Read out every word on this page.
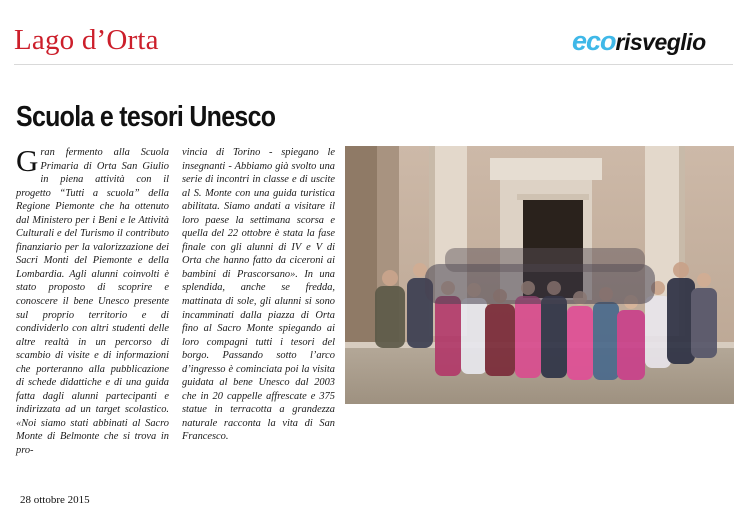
Lago d’Orta	ecorisveglio
Scuola e tesori Unesco
Gran fermento alla Scuola Primaria di Orta San Giulio in piena attività con il progetto “Tutti a scuola” della Regione Piemonte che ha ottenuto dal Ministero per i Beni e le Attività Culturali e del Turismo il contributo finanziario per la valorizzazione dei Sacri Monti del Piemonte e della Lombardia. Agli alunni coinvolti è stato proposto di scoprire e conoscere il bene Unesco presente sul proprio territorio e di condividerlo con altri studenti delle altre realtà in un percorso di scambio di visite e di informazioni che porteranno alla pubblicazione di schede didattiche e di una guida fatta dagli alunni partecipanti e indirizzata ad un target scolastico. «Noi siamo stati abbinati al Sacro Monte di Belmonte che si trova in pro-
vincia di Torino - spiegano le insegnanti - Abbiamo già svolto una serie di incontri in classe e di uscite al S. Monte con una guida turistica abilitata. Siamo andati a visitare il loro paese la settimana scorsa e quella del 22 ottobre è stata la fase finale con gli alunni di IV e V di Orta che hanno fatto da ciceroni ai bambini di Prascorsano». In una splendida, anche se fredda, mattinata di sole, gli alunni si sono incamminati dalla piazza di Orta fino al Sacro Monte spiegando ai loro compagni tutti i tesori del borgo. Passando sotto l’arco d’ingresso è cominciata poi la visita guidata al bene Unesco dal 2003 che in 20 cappelle affrescate e 375 statue in terracotta a grandezza naturale racconta la vita di San Francesco.
28 ottobre 2015
